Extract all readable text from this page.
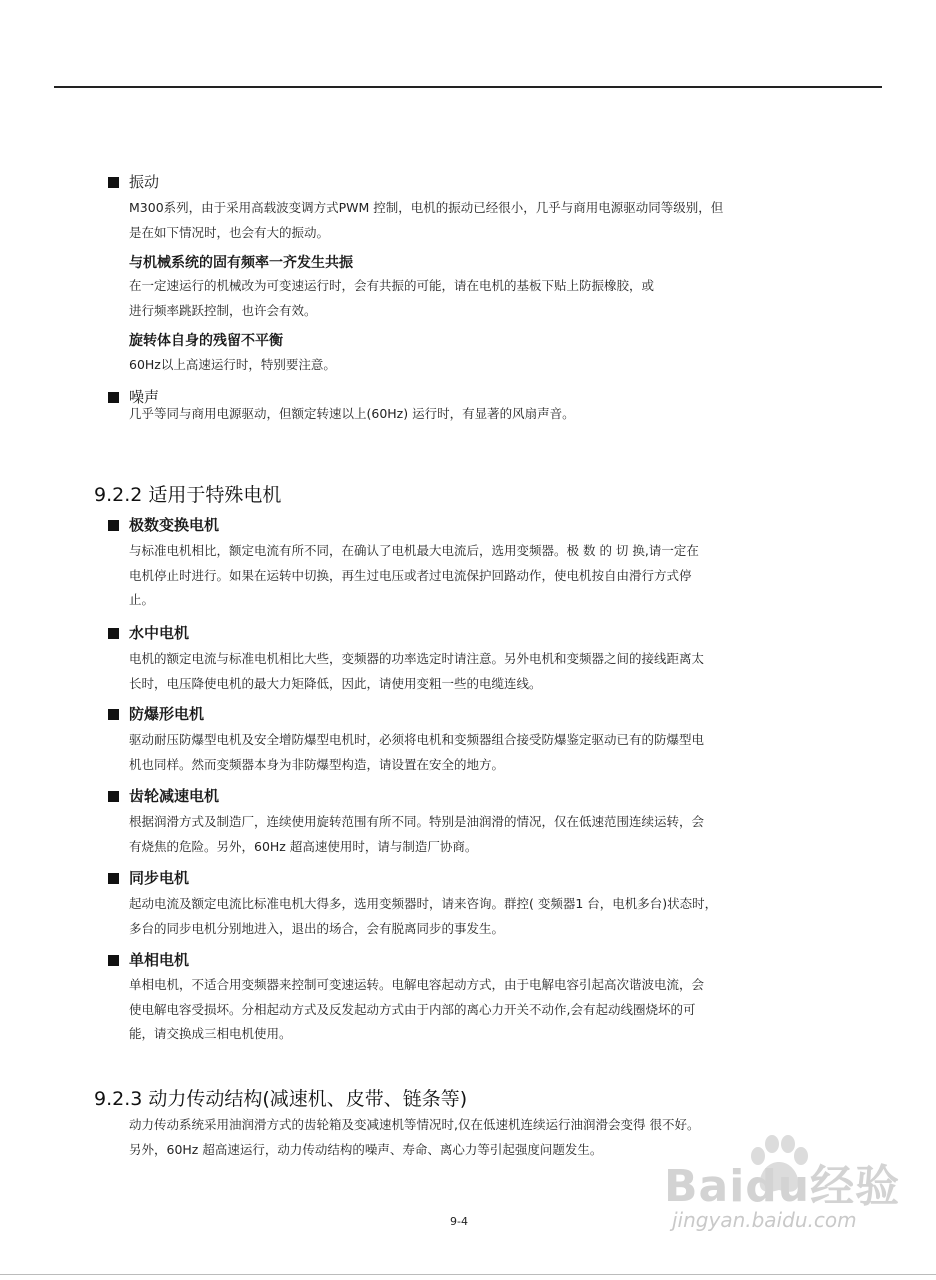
振动
M300系列，由于采用高载波变调方式PWM 控制，电机的振动已经很小，几乎与商用电源驱动同等级别，但
是在如下情况时，也会有大的振动。
与机械系统的固有频率一齐发生共振
在一定速运行的机械改为可变速运行时，会有共振的可能，请在电机的基板下贴上防振橡胶，或
进行频率跳跃控制，也许会有效。
旋转体自身的残留不平衡
60Hz以上高速运行时，特别要注意。
噪声
几乎等同与商用电源驱动，但额定转速以上(60Hz) 运行时，有显著的风扇声音。
9.2.2 适用于特殊电机
极数变换电机
与标准电机相比，额定电流有所不同，在确认了电机最大电流后，选用变频器。极 数 的 切 换,请一定在
电机停止时进行。如果在运转中切换，再生过电压或者过电流保护回路动作，使电机按自由滑行方式停
止。
水中电机
电机的额定电流与标准电机相比大些，变频器的功率选定时请注意。另外电机和变频器之间的接线距离太
长时，电压降使电机的最大力矩降低，因此，请使用变粗一些的电缆连线。
防爆形电机
驱动耐压防爆型电机及安全增防爆型电机时，必须将电机和变频器组合接受防爆鉴定驱动已有的防爆型电
机也同样。然而变频器本身为非防爆型构造，请设置在安全的地方。
齿轮减速电机
根据润滑方式及制造厂，连续使用旋转范围有所不同。特别是油润滑的情况，仅在低速范围连续运转，会
有烧焦的危险。另外，60Hz 超高速使用时，请与制造厂协商。
同步电机
起动电流及额定电流比标准电机大得多，选用变频器时，请来咨询。群控( 变频器1 台，电机多台)状态时，
多台的同步电机分别地进入，退出的场合，会有脱离同步的事发生。
单相电机
单相电机，不适合用变频器来控制可变速运转。电解电容起动方式，由于电解电容引起高次谐波电流，会
使电解电容受损坏。分相起动方式及反发起动方式由于内部的离心力开关不动作,会有起动线圈烧坏的可
能，请交换成三相电机使用。
9.2.3 动力传动结构(减速机、皮带、链条等)
动力传动系统采用油润滑方式的齿轮箱及变减速机等情况时,仅在低速机连续运行油润滑会变得 很不好。
另外，60Hz 超高速运行，动力传动结构的噪声、寿命、离心力等引起强度问题发生。
9-4
Baidu经验
jingyan.baidu.com
